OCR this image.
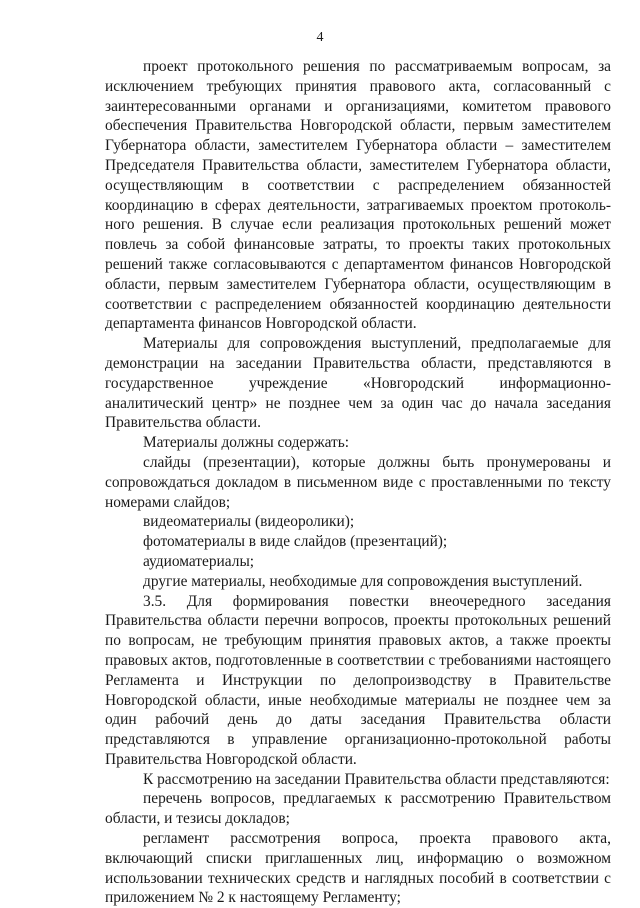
4

проект протокольного решения по рассматриваемым вопросам, за исключением требующих принятия правового акта, согласованный с заинтересованными органами и организациями, комитетом правового обеспечения Правительства Новгородской области, первым заместителем Губернатора области, заместителем Губернатора области – заместителем Председателя Правительства области, заместителем Губернатора области, осуществляющим в соответствии с распределением обязанностей координацию в сферах деятельности, затрагиваемых проектом протокольного решения. В случае если реализация протокольных решений может повлечь за собой финансовые затраты, то проекты таких протокольных решений также согласовываются с департаментом финансов Новгородской области, первым заместителем Губернатора области, осуществляющим в соответствии с распределением обязанностей координацию деятельности департамента финансов Новгородской области.

Материалы для сопровождения выступлений, предполагаемые для демонстрации на заседании Правительства области, представляются в государственное учреждение «Новгородский информационно-аналитический центр» не позднее чем за один час до начала заседания Правительства области.

Материалы должны содержать:

слайды (презентации), которые должны быть пронумерованы и сопровождаться докладом в письменном виде с проставленными по тексту номерами слайдов;

видеоматериалы (видеоролики);

фотоматериалы в виде слайдов (презентаций);

аудиоматериалы;

другие материалы, необходимые для сопровождения выступлений.

3.5. Для формирования повестки внеочередного заседания Правительства области перечни вопросов, проекты протокольных решений по вопросам, не требующим принятия правовых актов, а также проекты правовых актов, подготовленные в соответствии с требованиями настоящего Регламента и Инструкции по делопроизводству в Правительстве Новгородской области, иные необходимые материалы не позднее чем за один рабочий день до даты заседания Правительства области представляются в управление организационно-протокольной работы Правительства Новгородской области.

К рассмотрению на заседании Правительства области представляются:

перечень вопросов, предлагаемых к рассмотрению Правительством области, и тезисы докладов;

регламент рассмотрения вопроса, проекта правового акта, включающий списки приглашенных лиц, информацию о возможном использовании технических средств и наглядных пособий в соответствии с приложением № 2 к настоящему Регламенту;
